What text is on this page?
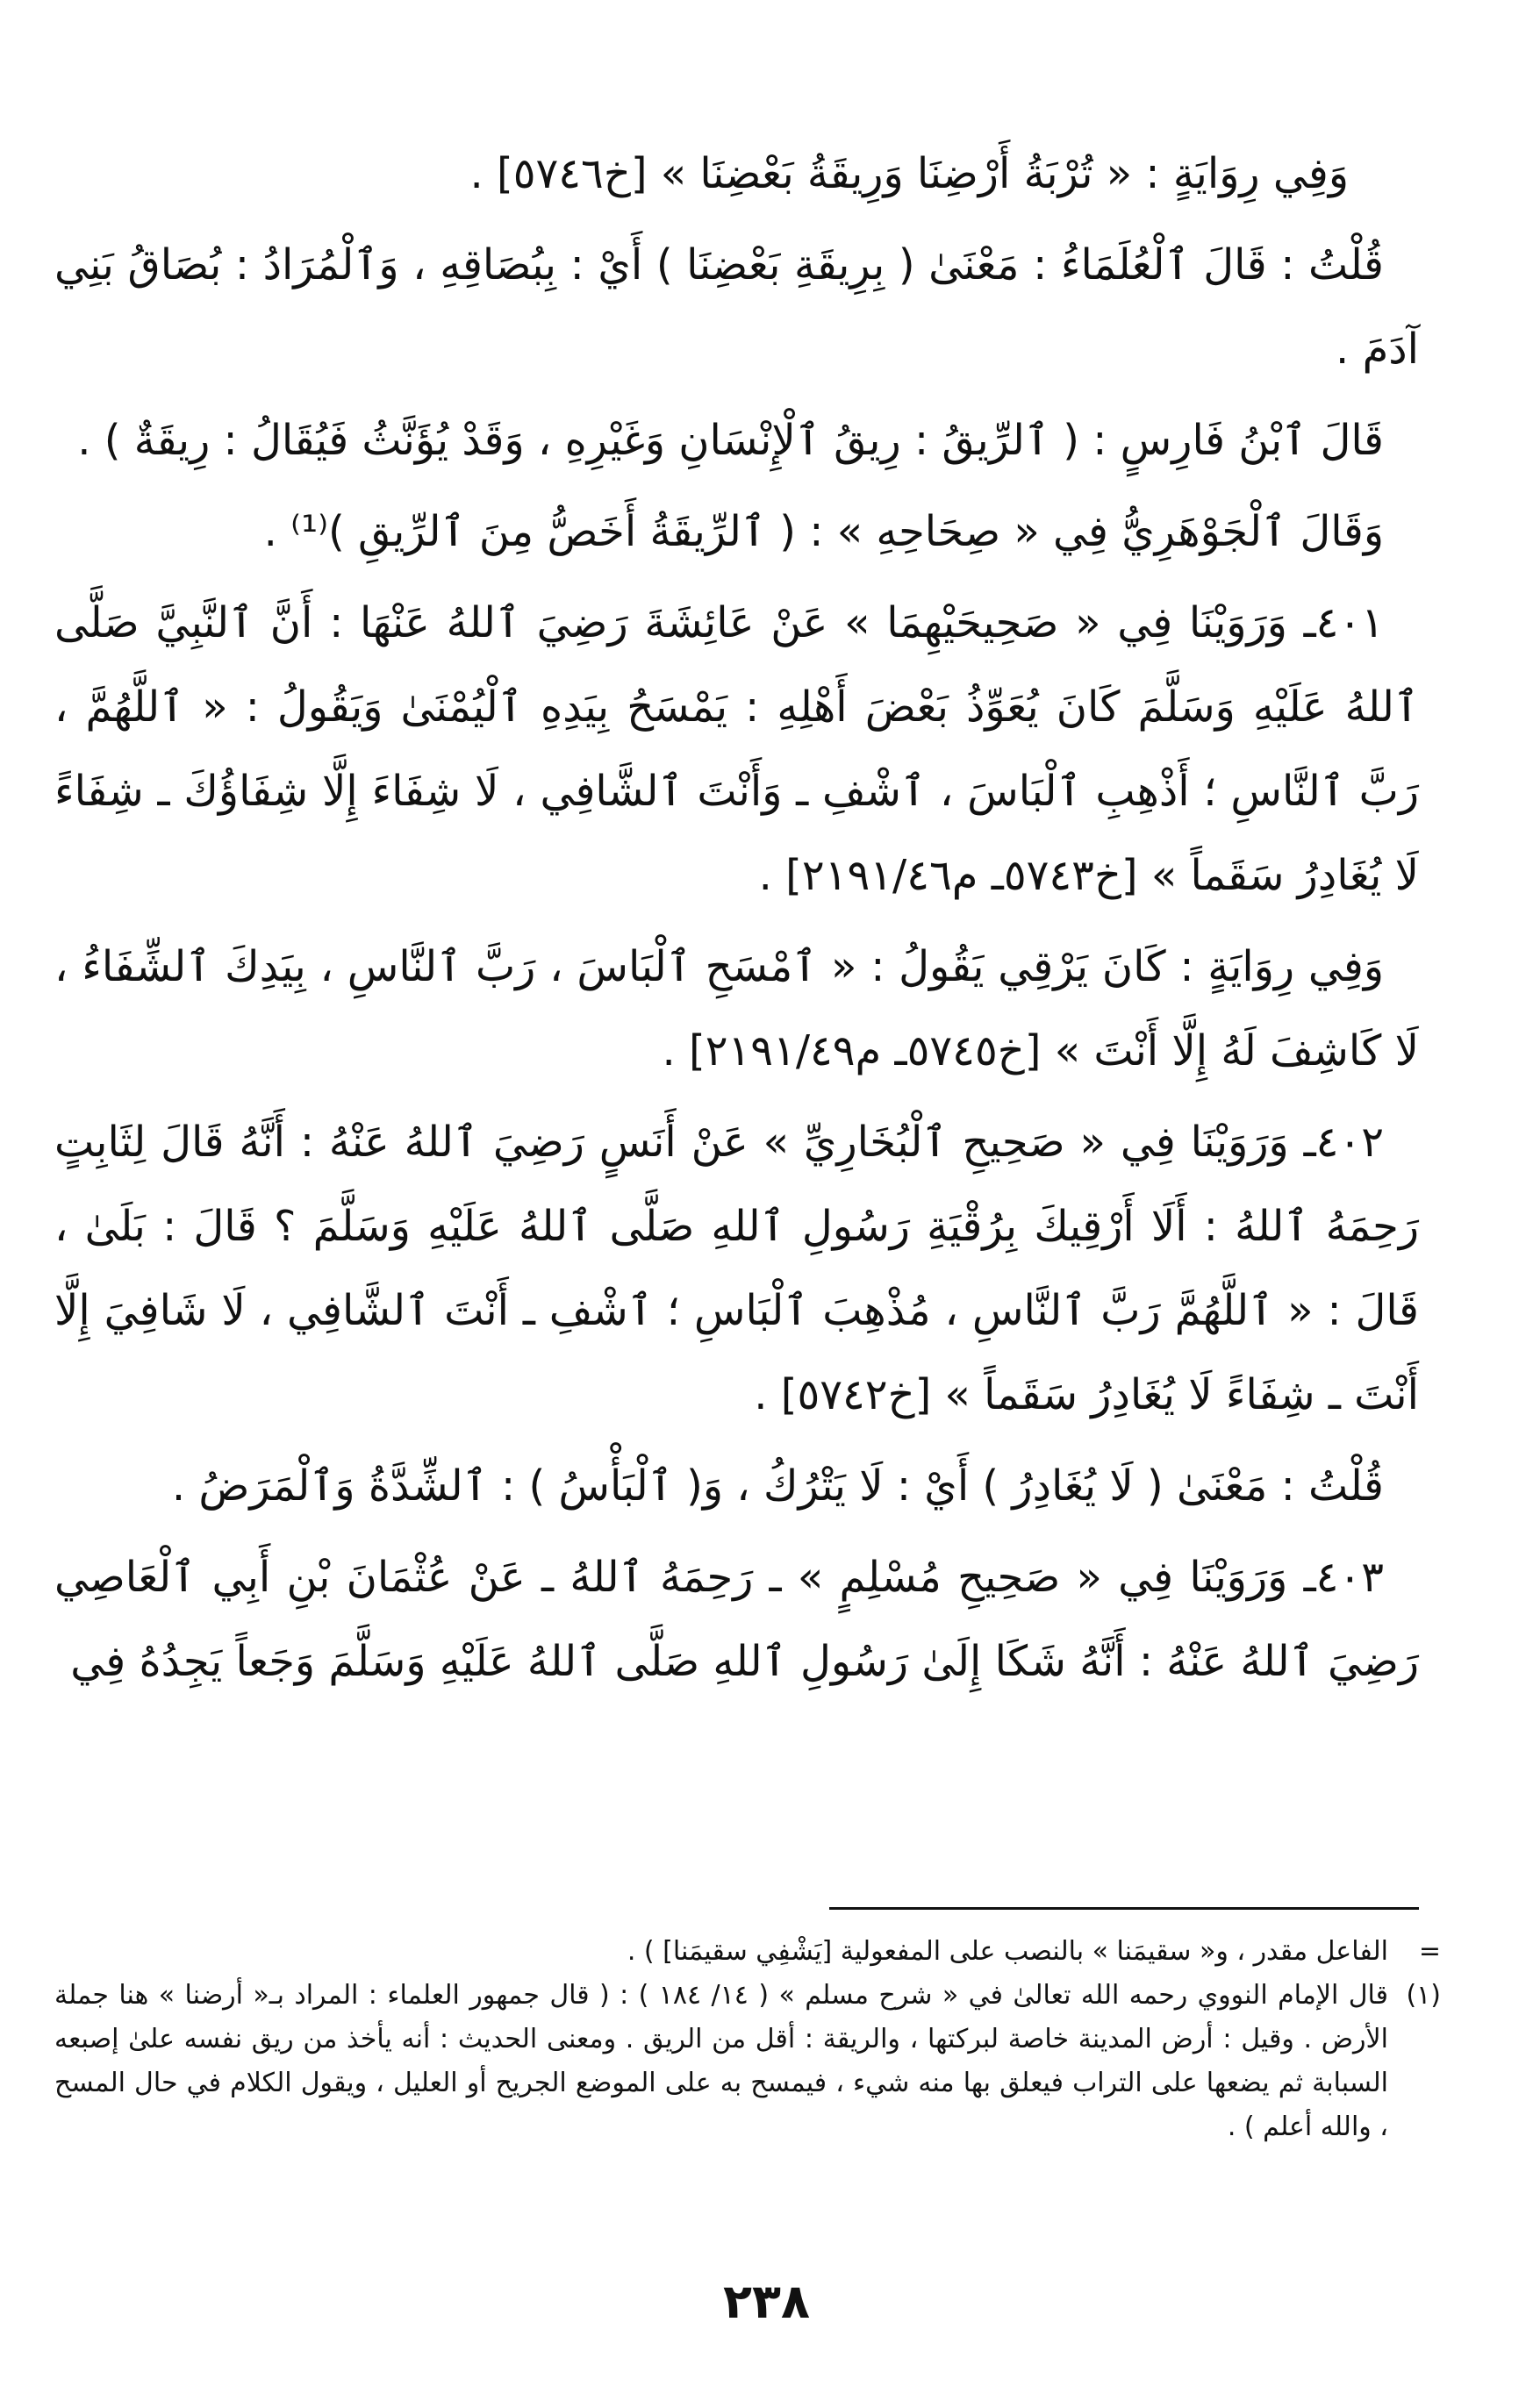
وَفِي رِوَايَةٍ : « تُرْبَةُ أَرْضِنَا وَرِيقَةُ بَعْضِنَا » [خ٥٧٤٦] .

قُلْتُ : قَالَ ٱلْعُلَمَاءُ : مَعْنَىٰ ( بِرِيقَةِ بَعْضِنَا ) أَيْ : بِبُصَاقِهِ ، وَٱلْمُرَادُ : بُصَاقُ بَنِي آدَمَ .

قَالَ ٱبْنُ فَارِسٍ : ( ٱلرِّيقُ : رِيقُ ٱلْإِنْسَانِ وَغَيْرِهِ ، وَقَدْ يُؤَنَّثُ فَيُقَالُ : رِيقَةٌ ) .

وَقَالَ ٱلْجَوْهَرِيُّ فِي « صِحَاحِهِ » : ( ٱلرِّيقَةُ أَخَصُّ مِنَ ٱلرِّيقِ )⁽¹⁾ .

٤٠١ـ وَرَوَيْنَا فِي « صَحِيحَيْهِمَا » عَنْ عَائِشَةَ رَضِيَ ٱللهُ عَنْهَا : أَنَّ ٱلنَّبِيَّ صَلَّى ٱللهُ عَلَيْهِ وَسَلَّمَ كَانَ يُعَوِّذُ بَعْضَ أَهْلِهِ : يَمْسَحُ بِيَدِهِ ٱلْيُمْنَىٰ وَيَقُولُ : « ٱللَّهُمَّ ، رَبَّ ٱلنَّاسِ ؛ أَذْهِبِ ٱلْبَاسَ ، ٱشْفِ ـ وَأَنْتَ ٱلشَّافِي ، لَا شِفَاءَ إِلَّا شِفَاؤُكَ ـ شِفَاءً لَا يُغَادِرُ سَقَماً » [خ٥٧٤٣ـ م٢١٩١/٤٦] .

وَفِي رِوَايَةٍ : كَانَ يَرْقِي يَقُولُ : « ٱمْسَحِ ٱلْبَاسَ ، رَبَّ ٱلنَّاسِ ، بِيَدِكَ ٱلشِّفَاءُ ، لَا كَاشِفَ لَهُ إِلَّا أَنْتَ » [خ٥٧٤٥ـ م٢١٩١/٤٩] .

٤٠٢ـ وَرَوَيْنَا فِي « صَحِيحِ ٱلْبُخَارِيِّ » عَنْ أَنَسٍ رَضِيَ ٱللهُ عَنْهُ : أَنَّهُ قَالَ لِثَابِتٍ رَحِمَهُ ٱللهُ : أَلَا أَرْقِيكَ بِرُقْيَةِ رَسُولِ ٱللهِ صَلَّى ٱللهُ عَلَيْهِ وَسَلَّمَ ؟ قَالَ : بَلَىٰ ، قَالَ : « ٱللَّهُمَّ رَبَّ ٱلنَّاسِ ، مُذْهِبَ ٱلْبَاسِ ؛ ٱشْفِ ـ أَنْتَ ٱلشَّافِي ، لَا شَافِيَ إِلَّا أَنْتَ ـ شِفَاءً لَا يُغَادِرُ سَقَماً » [خ٥٧٤٢] .

قُلْتُ : مَعْنَىٰ ( لَا يُغَادِرُ ) أَيْ : لَا يَتْرُكُ ، وَ( ٱلْبَأْسُ ) : ٱلشِّدَّةُ وَٱلْمَرَضُ .

٤٠٣ـ وَرَوَيْنَا فِي « صَحِيحِ مُسْلِمٍ » ـ رَحِمَهُ ٱللهُ ـ عَنْ عُثْمَانَ بْنِ أَبِي ٱلْعَاصِي رَضِيَ ٱللهُ عَنْهُ : أَنَّهُ شَكَا إِلَىٰ رَسُولِ ٱللهِ صَلَّى ٱللهُ عَلَيْهِ وَسَلَّمَ وَجَعاً يَجِدُهُ فِي

=
الفاعل مقدر ، و« سقيمَنا » بالنصب على المفعولية [يَشْفِي سقيمَنا] ) .
(١)
قال الإمام النووي رحمه الله تعالىٰ في « شرح مسلم » ( ١٤/ ١٨٤ ) : ( قال جمهور العلماء : المراد بـ« أرضنا » هنا جملة الأرض . وقيل : أرض المدينة خاصة لبركتها ، والريقة : أقل من الريق . ومعنى الحديث : أنه يأخذ من ريق نفسه علىٰ إصبعه السبابة ثم يضعها على التراب فيعلق بها منه شيء ، فيمسح به على الموضع الجريح أو العليل ، ويقول الكلام في حال المسح ، والله أعلم ) .
٢٣٨
